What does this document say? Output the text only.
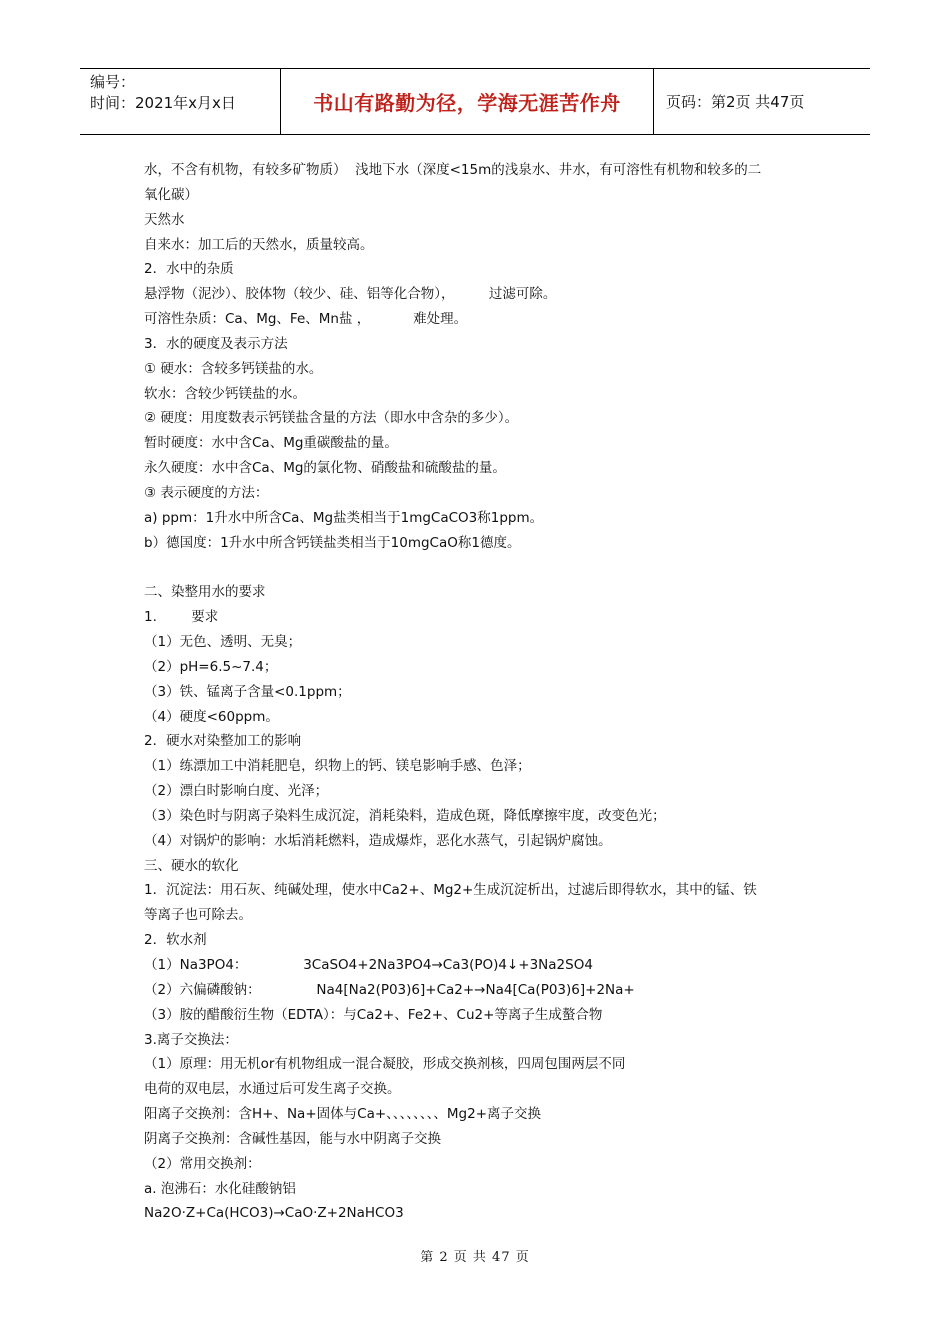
编号：
时间：2021年x月x日	书山有路勤为径，学海无涯苦作舟	页码：第2页 共47页
水，不含有机物，有较多矿物质）  浅地下水（深度<15m的浅泉水、井水，有可溶性有机物和较多的二
氧化碳）
天然水
自来水：加工后的天然水，质量较高。
2．水中的杂质
悬浮物（泥沙）、胶体物（较少、硅、铝等化合物），        过滤可除。
可溶性杂质：Ca、Mg、Fe、Mn盐 ，          难处理。
3．水的硬度及表示方法
① 硬水：含较多钙镁盐的水。
软水：含较少钙镁盐的水。
② 硬度：用度数表示钙镁盐含量的方法（即水中含杂的多少）。
暂时硬度：水中含Ca、Mg重碳酸盐的量。
永久硬度：水中含Ca、Mg的氯化物、硝酸盐和硫酸盐的量。
③ 表示硬度的方法：
a) ppm：1升水中所含Ca、Mg盐类相当于1mgCaCO3称1ppm。
b）德国度：1升水中所含钙镁盐类相当于10mgCaO称1德度。
二、染整用水的要求
1.        要求
（1）无色、透明、无臭；
（2）pH=6.5~7.4；
（3）铁、锰离子含量<0.1ppm；
（4）硬度<60ppm。
2．硬水对染整加工的影响
（1）练漂加工中消耗肥皂，织物上的钙、镁皂影响手感、色泽；
（2）漂白时影响白度、光泽；
（3）染色时与阴离子染料生成沉淀，消耗染料，造成色斑，降低摩擦牢度，改变色光；
（4）对锅炉的影响：水垢消耗燃料，造成爆炸，恶化水蒸气，引起锅炉腐蚀。
三、硬水的软化
1．沉淀法：用石灰、纯碱处理，使水中Ca2+、Mg2+生成沉淀析出，过滤后即得软水，其中的锰、铁
等离子也可除去。
2．软水剂
（1）Na3PO4：             3CaSO4+2Na3PO4→Ca3(PO)4↓+3Na2SO4
（2）六偏磷酸钠：             Na4[Na2(P03)6]+Ca2+→Na4[Ca(P03)6]+2Na+
（3）胺的醋酸衍生物（EDTA）：与Ca2+、Fe2+、Cu2+等离子生成螯合物
3.离子交换法：
（1）原理：用无机or有机物组成一混合凝胶，形成交换剂核，四周包围两层不同
电荷的双电层，水通过后可发生离子交换。
阳离子交换剂：含H+、Na+固体与Ca+、、、、、、、、Mg2+离子交换
阴离子交换剂：含碱性基因，能与水中阴离子交换
（2）常用交换剂：
a. 泡沸石：水化硅酸钠铝
Na2O·Z+Ca(HCO3)→CaO·Z+2NaHCO3
第 2 页 共 47 页
